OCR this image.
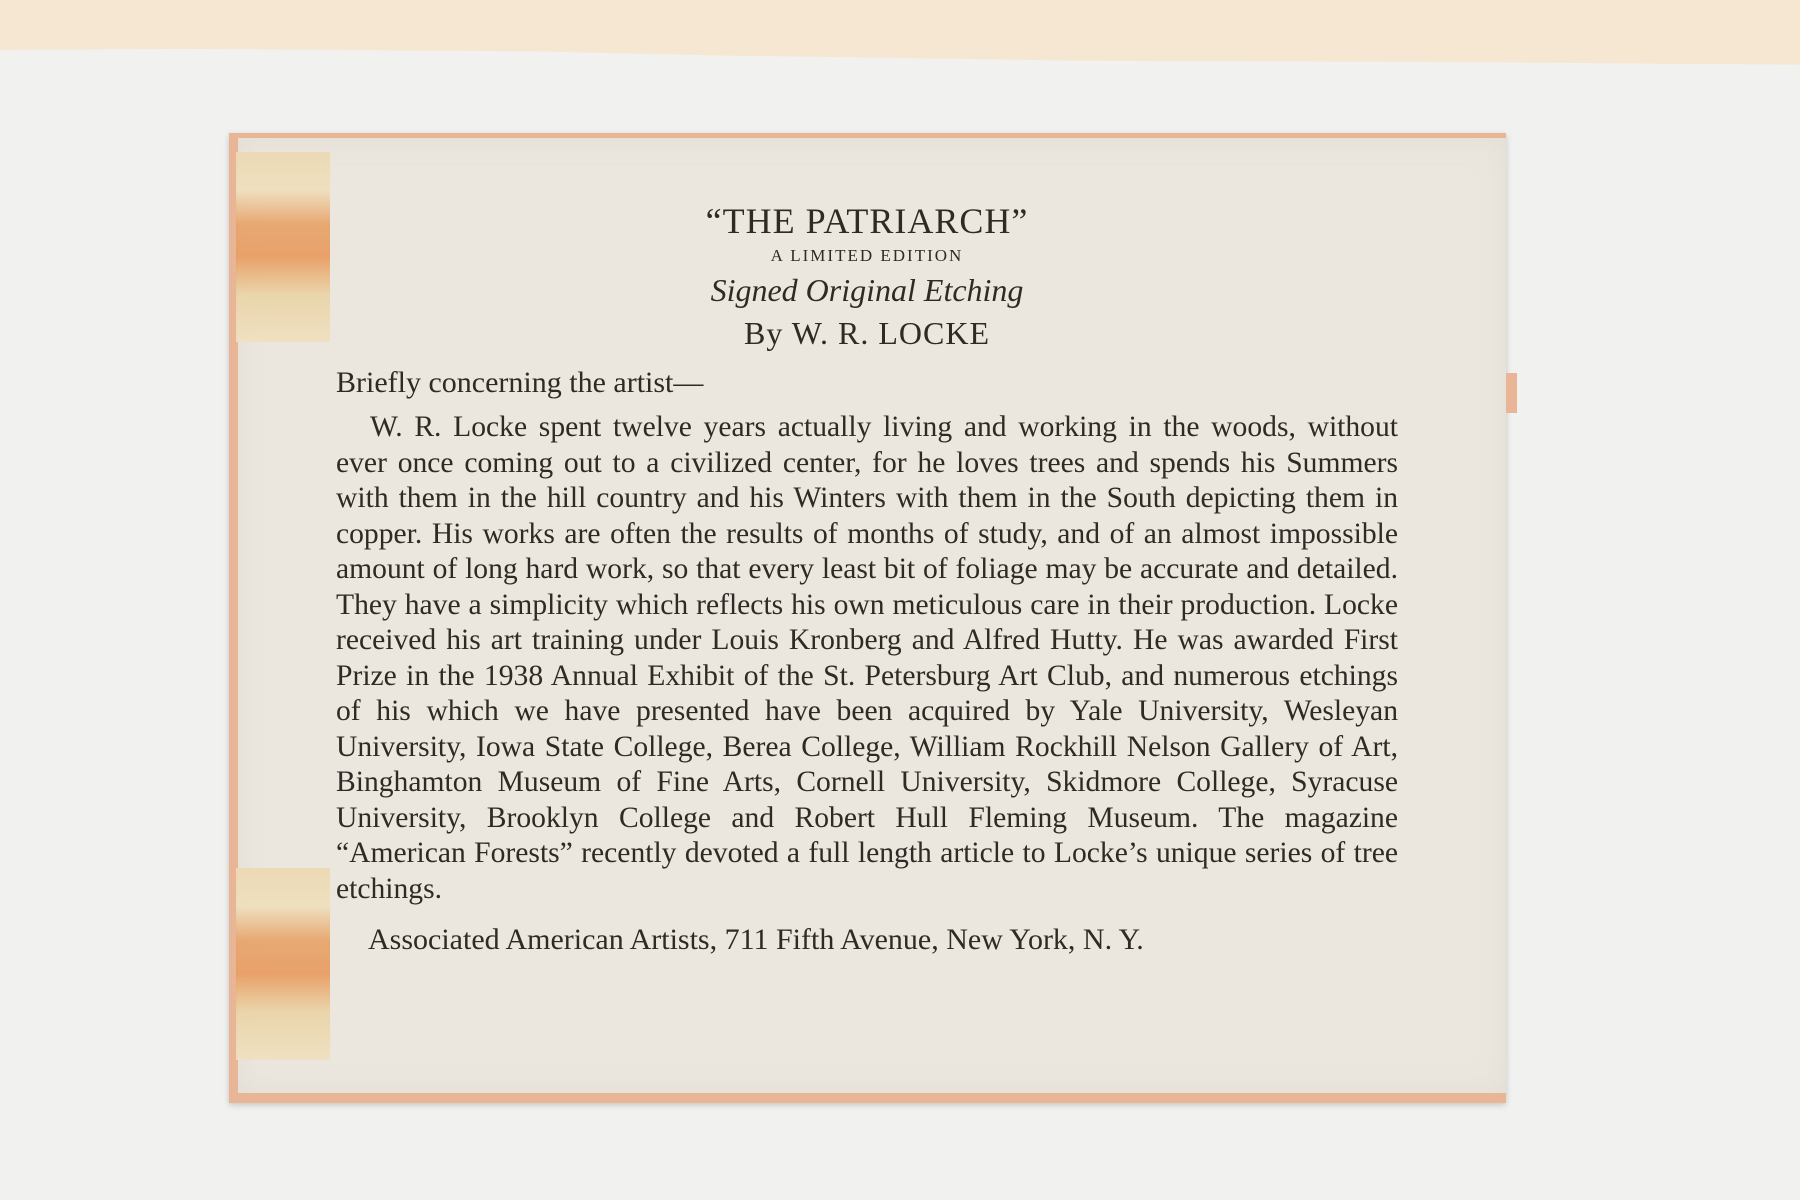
“THE PATRIARCH”
A LIMITED EDITION
Signed Original Etching
By W. R. LOCKE
Briefly concerning the artist—

W. R. Locke spent twelve years actually living and working in the woods, without ever once coming out to a civilized center, for he loves trees and spends his Summers with them in the hill country and his Winters with them in the South depicting them in copper. His works are often the results of months of study, and of an almost impossible amount of long hard work, so that every least bit of foliage may be accurate and detailed. They have a simplicity which reflects his own meticulous care in their production. Locke received his art training under Louis Kronberg and Alfred Hutty. He was awarded First Prize in the 1938 Annual Exhibit of the St. Petersburg Art Club, and numerous etchings of his which we have presented have been acquired by Yale University, Wesleyan University, Iowa State College, Berea College, William Rockhill Nelson Gallery of Art, Binghamton Museum of Fine Arts, Cornell University, Skidmore College, Syracuse University, Brooklyn College and Robert Hull Fleming Museum. The magazine “American Forests” recently devoted a full length article to Locke’s unique series of tree etchings.

Associated American Artists, 711 Fifth Avenue, New York, N. Y.
